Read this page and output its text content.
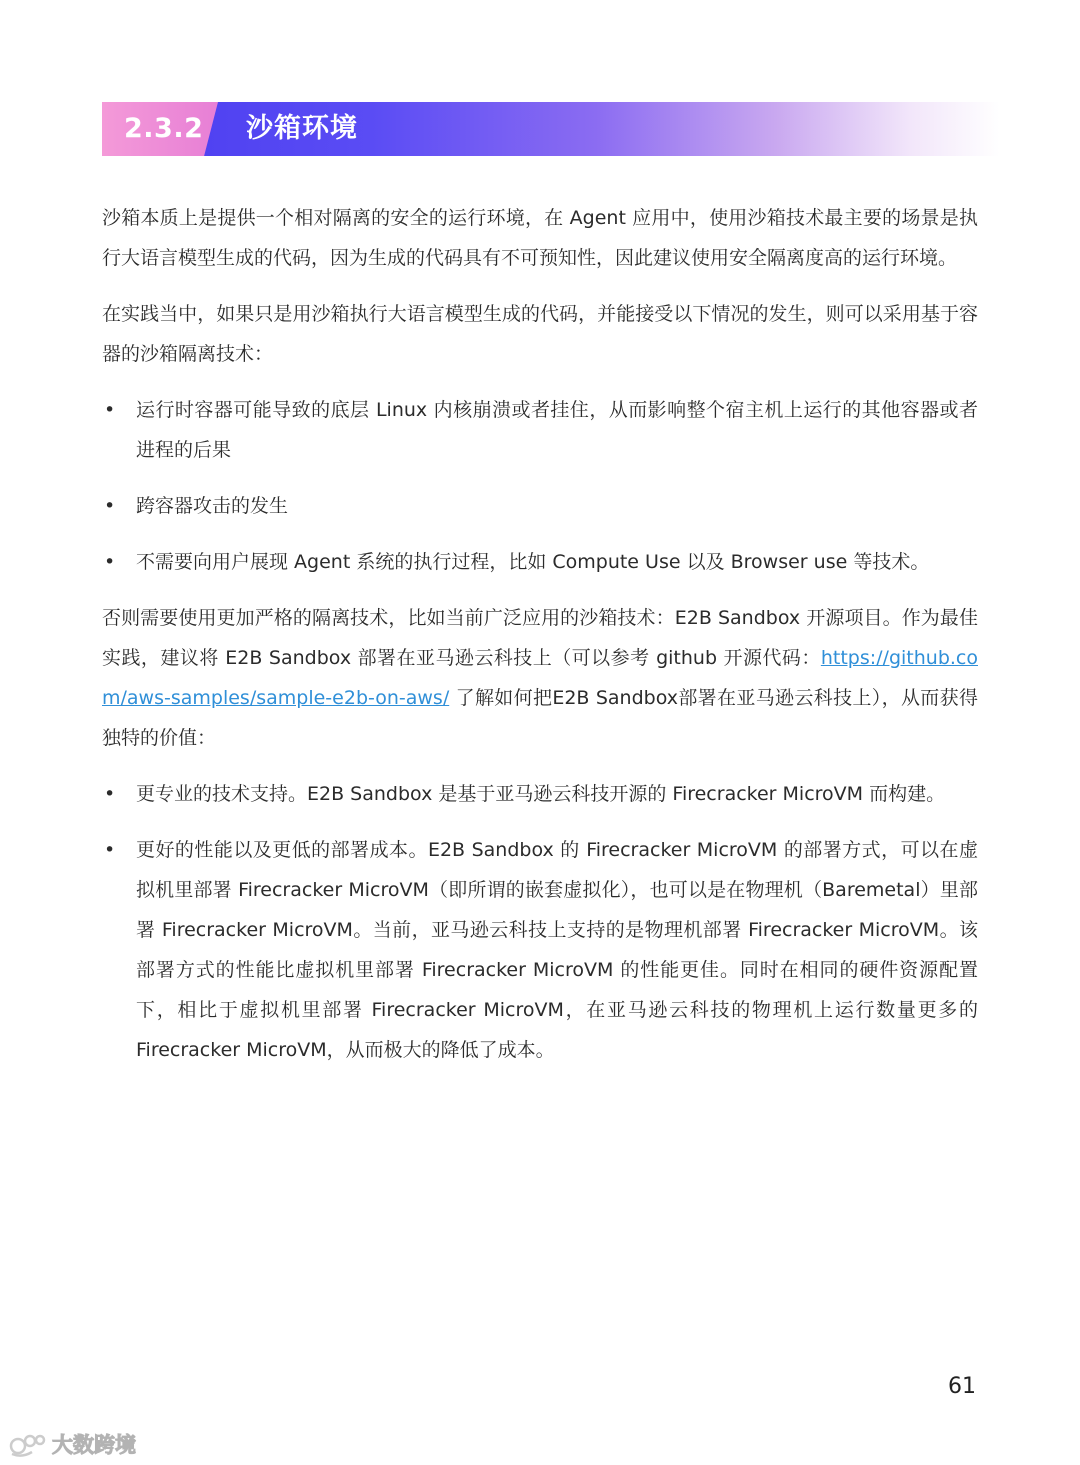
2.3.2 沙箱环境

沙箱本质上是提供一个相对隔离的安全的运行环境，在 Agent 应用中，使用沙箱技术最主要的场景是执行大语言模型生成的代码，因为生成的代码具有不可预知性，因此建议使用安全隔离度高的运行环境。

在实践当中，如果只是用沙箱执行大语言模型生成的代码，并能接受以下情况的发生，则可以采用基于容器的沙箱隔离技术：

• 运行时容器可能导致的底层 Linux 内核崩溃或者挂住，从而影响整个宿主机上运行的其他容器或者进程的后果
• 跨容器攻击的发生
• 不需要向用户展现 Agent 系统的执行过程，比如 Compute Use 以及 Browser use 等技术。

否则需要使用更加严格的隔离技术，比如当前广泛应用的沙箱技术：E2B Sandbox 开源项目。作为最佳实践，建议将 E2B Sandbox 部署在亚马逊云科技上（可以参考 github 开源代码：https://github.com/aws-samples/sample-e2b-on-aws/ 了解如何把E2B Sandbox部署在亚马逊云科技上），从而获得独特的价值：

• 更专业的技术支持。E2B Sandbox 是基于亚马逊云科技开源的 Firecracker MicroVM 而构建。
• 更好的性能以及更低的部署成本。E2B Sandbox 的 Firecracker MicroVM 的部署方式，可以在虚拟机里部署 Firecracker MicroVM（即所谓的嵌套虚拟化），也可以是在物理机（Baremetal）里部署 Firecracker MicroVM。当前，亚马逊云科技上支持的是物理机部署 Firecracker MicroVM。该部署方式的性能比虚拟机里部署 Firecracker MicroVM 的性能更佳。同时在相同的硬件资源配置下，相比于虚拟机里部署 Firecracker MicroVM，在亚马逊云科技的物理机上运行数量更多的 Firecracker MicroVM，从而极大的降低了成本。
61
大数跨境
